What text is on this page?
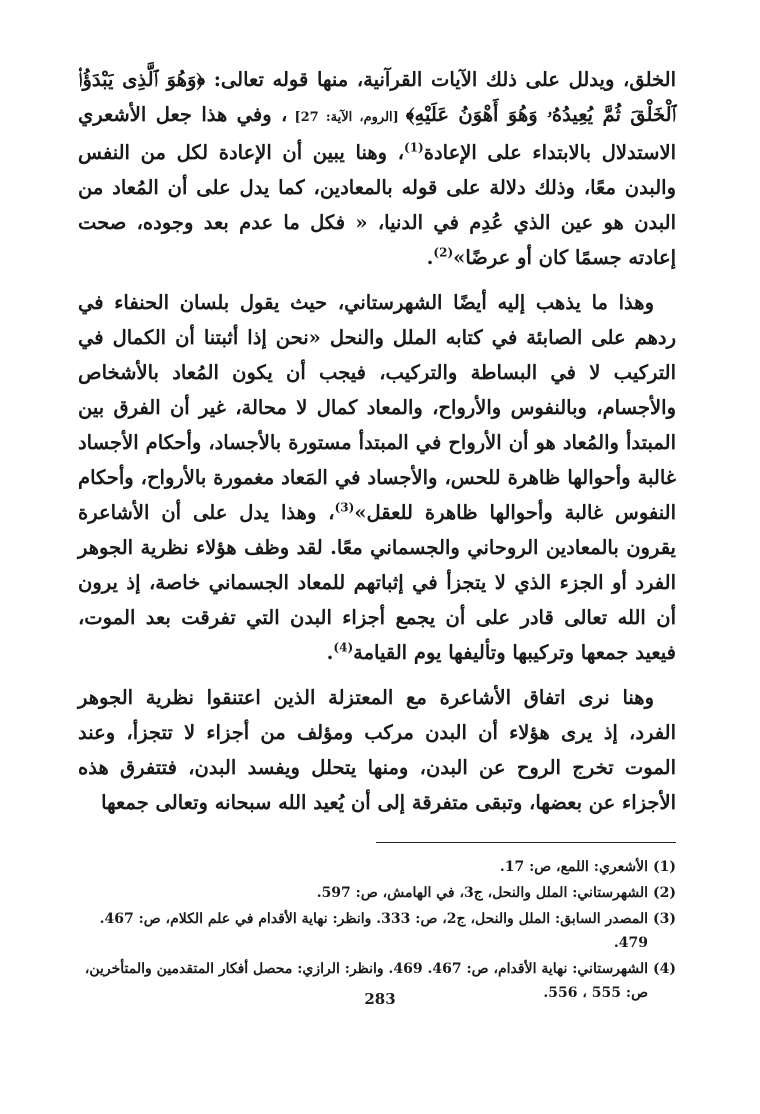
الخلق، ويدلل على ذلك الآيات القرآنية، منها قوله تعالى: ﴿وَهُوَ ٱلَّذِى يَبْدَؤُا۟ ٱلْخَلْقَ ثُمَّ يُعِيدُهُۥ وَهُوَ أَهْوَنُ عَلَيْهِ﴾ [الروم، الآية: 27] ، وفي هذا جعل الأشعري الاستدلال بالابتداء على الإعادة$^{(1)}$، وهنا يبين أن الإعادة لكل من النفس والبدن معًا، وذلك دلالة على قوله بالمعادين، كما يدل على أن المُعاد من البدن هو عين الذي عُدِم في الدنيا، « فكل ما عدم بعد وجوده، صحت إعادته جسمًا كان أو عرضًا»$^{(2)}$.

وهذا ما يذهب إليه أيضًا الشهرستاني، حيث يقول بلسان الحنفاء في ردهم على الصابئة في كتابه الملل والنحل «نحن إذا أثبتنا أن الكمال في التركيب لا في البساطة والتركيب، فيجب أن يكون المُعاد بالأشخاص والأجسام، وبالنفوس والأرواح، والمعاد كمال لا محالة، غير أن الفرق بين المبتدأ والمُعاد هو أن الأرواح في المبتدأ مستورة بالأجساد، وأحكام الأجساد غالبة وأحوالها ظاهرة للحس، والأجساد في المَعاد مغمورة بالأرواح، وأحكام النفوس غالبة وأحوالها ظاهرة للعقل»$^{(3)}$، وهذا يدل على أن الأشاعرة يقرون بالمعادين الروحاني والجسماني معًا. لقد وظف هؤلاء نظرية الجوهر الفرد أو الجزء الذي لا يتجزأ في إثباتهم للمعاد الجسماني خاصة، إذ يرون أن الله تعالى قادر على أن يجمع أجزاء البدن التي تفرقت بعد الموت، فيعيد جمعها وتركيبها وتأليفها يوم القيامة$^{(4)}$.

وهنا نرى اتفاق الأشاعرة مع المعتزلة الذين اعتنقوا نظرية الجوهر الفرد، إذ يرى هؤلاء أن البدن مركب ومؤلف من أجزاء لا تتجزأ، وعند الموت تخرج الروح عن البدن، ومنها يتحلل ويفسد البدن، فتتفرق هذه الأجزاء عن بعضها، وتبقى متفرقة إلى أن يُعيد الله سبحانه وتعالى جمعها

(1)
الأشعري: اللمع، ص: 17.
(2)
الشهرستاني: الملل والنحل، ج3، في الهامش، ص: 597.
(3)
المصدر السابق: الملل والنحل، ج2، ص: 333. وانظر: نهاية الأقدام في علم الكلام، ص: 467. 479.
(4)
الشهرستاني: نهاية الأقدام، ص: 467. 469. وانظر: الرازي: محصل أفكار المتقدمين والمتأخرين، ص: 555 ، 556.
283
